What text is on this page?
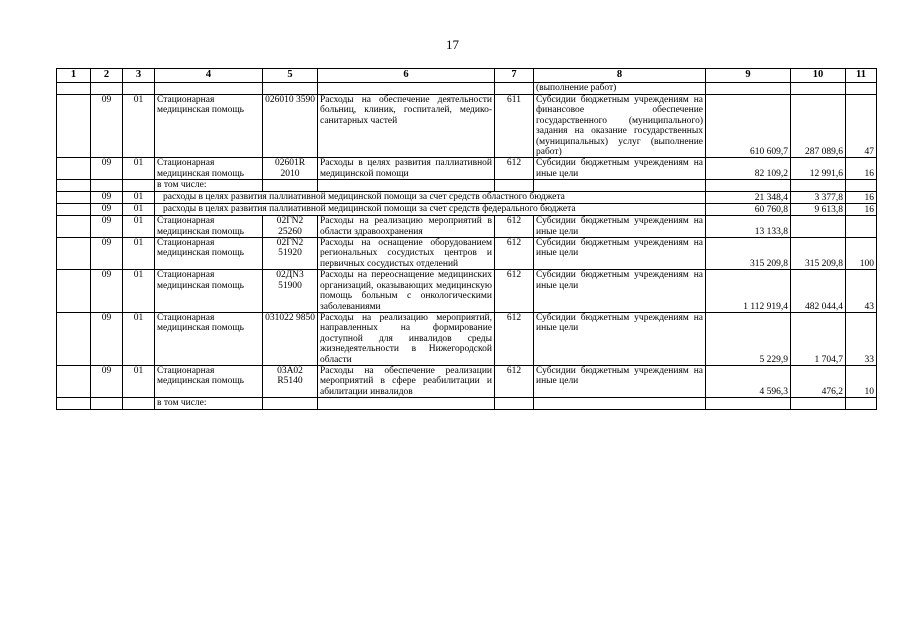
17
1	2	3	4	5	6	7	8	9	10	11
							(выполнение работ)			
	09	01	Стационарная медицинская помощь	026010 3590	Расходы на обеспечение деятельности больниц, клиник, госпиталей, медико-санитарных частей	611	Субсидии бюджетным учреждениям на финансовое обеспечение государственного (муниципального) задания на оказание государственных (муниципальных) услуг (выполнение работ)	610 609,7	287 089,6	47
	09	01	Стационарная медицинская помощь	02601R 2010	Расходы в целях развития паллиативной медицинской помощи	612	Субсидии бюджетным учреждениям на иные цели	82 109,2	12 991,6	16
			в том числе:							
	09	01	расходы в целях развития паллиативной медицинской помощи за счет средств областного бюджета					21 348,4	3 377,8	16
	09	01	расходы в целях развития паллиативной медицинской помощи за счет средств федерального бюджета					60 760,8	9 613,8	16
	09	01	Стационарная медицинская помощь	02ГN2 25260	Расходы на реализацию мероприятий в области здравоохранения	612	Субсидии бюджетным учреждениям на иные цели	13 133,8		
	09	01	Стационарная медицинская помощь	02ГN2 51920	Расходы на оснащение оборудованием региональных сосудистых центров и первичных сосудистых отделений	612	Субсидии бюджетным учреждениям на иные цели	315 209,8	315 209,8	100
	09	01	Стационарная медицинская помощь	02ДN3 51900	Расходы на переоснащение медицинских организаций, оказывающих медицинскую помощь больным с онкологическими заболеваниями	612	Субсидии бюджетным учреждениям на иные цели	1 112 919,4	482 044,4	43
	09	01	Стационарная медицинская помощь	031022 9850	Расходы на реализацию мероприятий, направленных на формирование доступной для инвалидов среды жизнедеятельности в Нижегородской области	612	Субсидии бюджетным учреждениям на иные цели	5 229,9	1 704,7	33
	09	01	Стационарная медицинская помощь	03А02 R5140	Расходы на обеспечение реализации мероприятий в сфере реабилитации и абилитации инвалидов	612	Субсидии бюджетным учреждениям на иные цели	4 596,3	476,2	10
			в том числе:							
